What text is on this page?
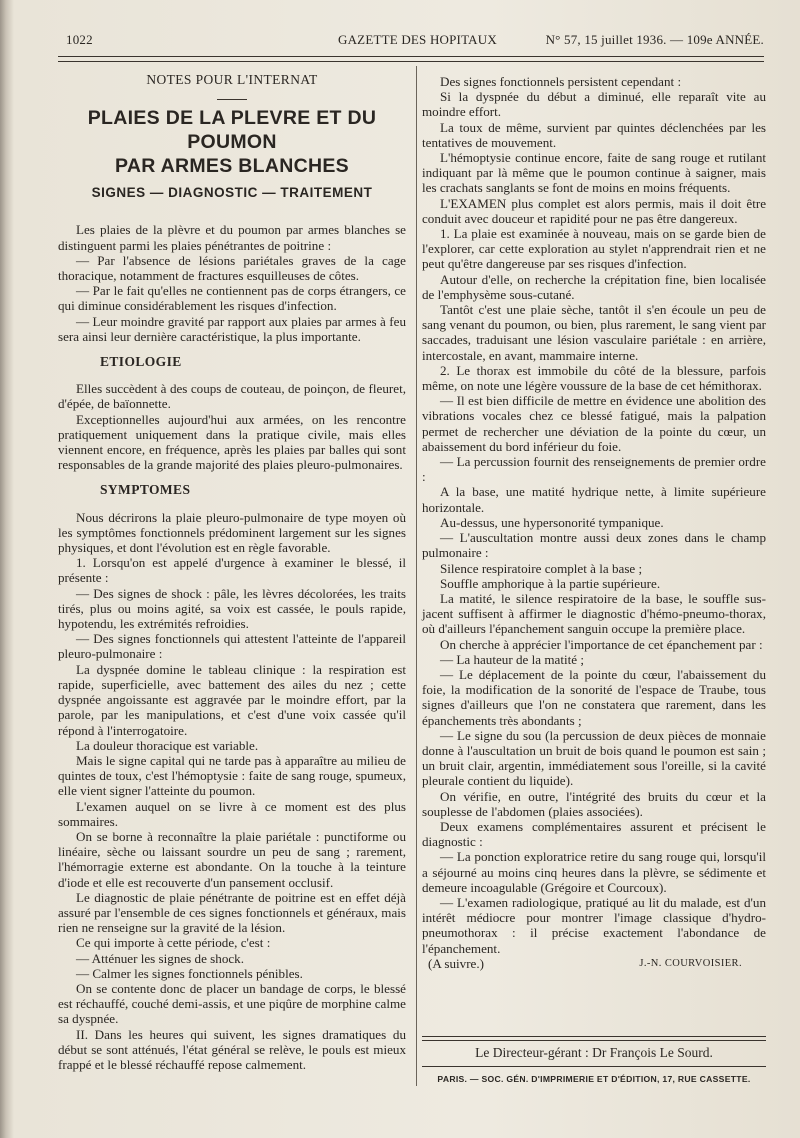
1022	GAZETTE DES HOPITAUX	N° 57, 15 juillet 1936. — 109e ANNÉE.
NOTES POUR L'INTERNAT
PLAIES DE LA PLEVRE ET DU POUMON
PAR ARMES BLANCHES
SIGNES — DIAGNOSTIC — TRAITEMENT

Les plaies de la plèvre et du poumon par armes blanches se distinguent parmi les plaies pénétrantes de poitrine :

— Par l'absence de lésions pariétales graves de la cage thoracique, notamment de fractures esquilleuses de côtes.

— Par le fait qu'elles ne contiennent pas de corps étrangers, ce qui diminue considérablement les risques d'infection.

— Leur moindre gravité par rapport aux plaies par armes à feu sera ainsi leur dernière caractéristique, la plus importante.

ETIOLOGIE

Elles succèdent à des coups de couteau, de poinçon, de fleuret, d'épée, de baïonnette.

Exceptionnelles aujourd'hui aux armées, on les rencontre pratiquement uniquement dans la pratique civile, mais elles viennent encore, en fréquence, après les plaies par balles qui sont responsables de la grande majorité des plaies pleuro-pulmonaires.

SYMPTOMES

Nous décrirons la plaie pleuro-pulmonaire de type moyen où les symptômes fonctionnels prédominent largement sur les signes physiques, et dont l'évolution est en règle favorable.

1. Lorsqu'on est appelé d'urgence à examiner le blessé, il présente :

— Des signes de shock : pâle, les lèvres décolorées, les traits tirés, plus ou moins agité, sa voix est cassée, le pouls rapide, hypotendu, les extrémités refroidies.

— Des signes fonctionnels qui attestent l'atteinte de l'appareil pleuro-pulmonaire :

La dyspnée domine le tableau clinique : la respiration est rapide, superficielle, avec battement des ailes du nez ; cette dyspnée angoissante est aggravée par le moindre effort, par la parole, par les manipulations, et c'est d'une voix cassée qu'il répond à l'interrogatoire.

La douleur thoracique est variable.

Mais le signe capital qui ne tarde pas à apparaître au milieu de quintes de toux, c'est l'hémoptysie : faite de sang rouge, spumeux, elle vient signer l'atteinte du poumon.

L'examen auquel on se livre à ce moment est des plus sommaires.

On se borne à reconnaître la plaie pariétale : punctiforme ou linéaire, sèche ou laissant sourdre un peu de sang ; rarement, l'hémorragie externe est abondante. On la touche à la teinture d'iode et elle est recouverte d'un pansement occlusif.

Le diagnostic de plaie pénétrante de poitrine est en effet déjà assuré par l'ensemble de ces signes fonctionnels et généraux, mais rien ne renseigne sur la gravité de la lésion.

Ce qui importe à cette période, c'est :

— Atténuer les signes de shock.

— Calmer les signes fonctionnels pénibles.

On se contente donc de placer un bandage de corps, le blessé est réchauffé, couché demi-assis, et une piqûre de morphine calme sa dyspnée.

II. Dans les heures qui suivent, les signes dramatiques du début se sont atténués, l'état général se relève, le pouls est mieux frappé et le blessé réchauffé repose calmement.

Des signes fonctionnels persistent cependant :

Si la dyspnée du début a diminué, elle reparaît vite au moindre effort.

La toux de même, survient par quintes déclenchées par les tentatives de mouvement.

L'hémoptysie continue encore, faite de sang rouge et rutilant indiquant par là même que le poumon continue à saigner, mais les crachats sanglants se font de moins en moins fréquents.

L'EXAMEN plus complet est alors permis, mais il doit être conduit avec douceur et rapidité pour ne pas être dangereux.

1. La plaie est examinée à nouveau, mais on se garde bien de l'explorer, car cette exploration au stylet n'apprendrait rien et ne peut qu'être dangereuse par ses risques d'infection.

Autour d'elle, on recherche la crépitation fine, bien localisée de l'emphysème sous-cutané.

Tantôt c'est une plaie sèche, tantôt il s'en écoule un peu de sang venant du poumon, ou bien, plus rarement, le sang vient par saccades, traduisant une lésion vasculaire pariétale : en arrière, intercostale, en avant, mammaire interne.

2. Le thorax est immobile du côté de la blessure, parfois même, on note une légère voussure de la base de cet hémithorax.

— Il est bien difficile de mettre en évidence une abolition des vibrations vocales chez ce blessé fatigué, mais la palpation permet de rechercher une déviation de la pointe du cœur, un abaissement du bord inférieur du foie.

— La percussion fournit des renseignements de premier ordre :

A la base, une matité hydrique nette, à limite supérieure horizontale.

Au-dessus, une hypersonorité tympanique.

— L'auscultation montre aussi deux zones dans le champ pulmonaire :

Silence respiratoire complet à la base ;

Souffle amphorique à la partie supérieure.

La matité, le silence respiratoire de la base, le souffle sus-jacent suffisent à affirmer le diagnostic d'hémo-pneumo-thorax, où d'ailleurs l'épanchement sanguin occupe la première place.

On cherche à apprécier l'importance de cet épanchement par :

— La hauteur de la matité ;

— Le déplacement de la pointe du cœur, l'abaissement du foie, la modification de la sonorité de l'espace de Traube, tous signes d'ailleurs que l'on ne constatera que rarement, dans les épanchements très abondants ;

— Le signe du sou (la percussion de deux pièces de monnaie donne à l'auscultation un bruit de bois quand le poumon est sain ; un bruit clair, argentin, immédiatement sous l'oreille, si la cavité pleurale contient du liquide).

On vérifie, en outre, l'intégrité des bruits du cœur et la souplesse de l'abdomen (plaies associées).

Deux examens complémentaires assurent et précisent le diagnostic :

— La ponction exploratrice retire du sang rouge qui, lorsqu'il a séjourné au moins cinq heures dans la plèvre, se sédimente et demeure incoagulable (Grégoire et Courcoux).

— L'examen radiologique, pratiqué au lit du malade, est d'un intérêt médiocre pour montrer l'image classique d'hydro-pneumothorax : il précise exactement l'abondance de l'épanchement.

(A suivre.)	J.-N. COURVOISIER.
Le Directeur-gérant : Dr François Le Sourd.
PARIS. — SOC. GÉN. D'IMPRIMERIE ET D'ÉDITION, 17, RUE CASSETTE.
